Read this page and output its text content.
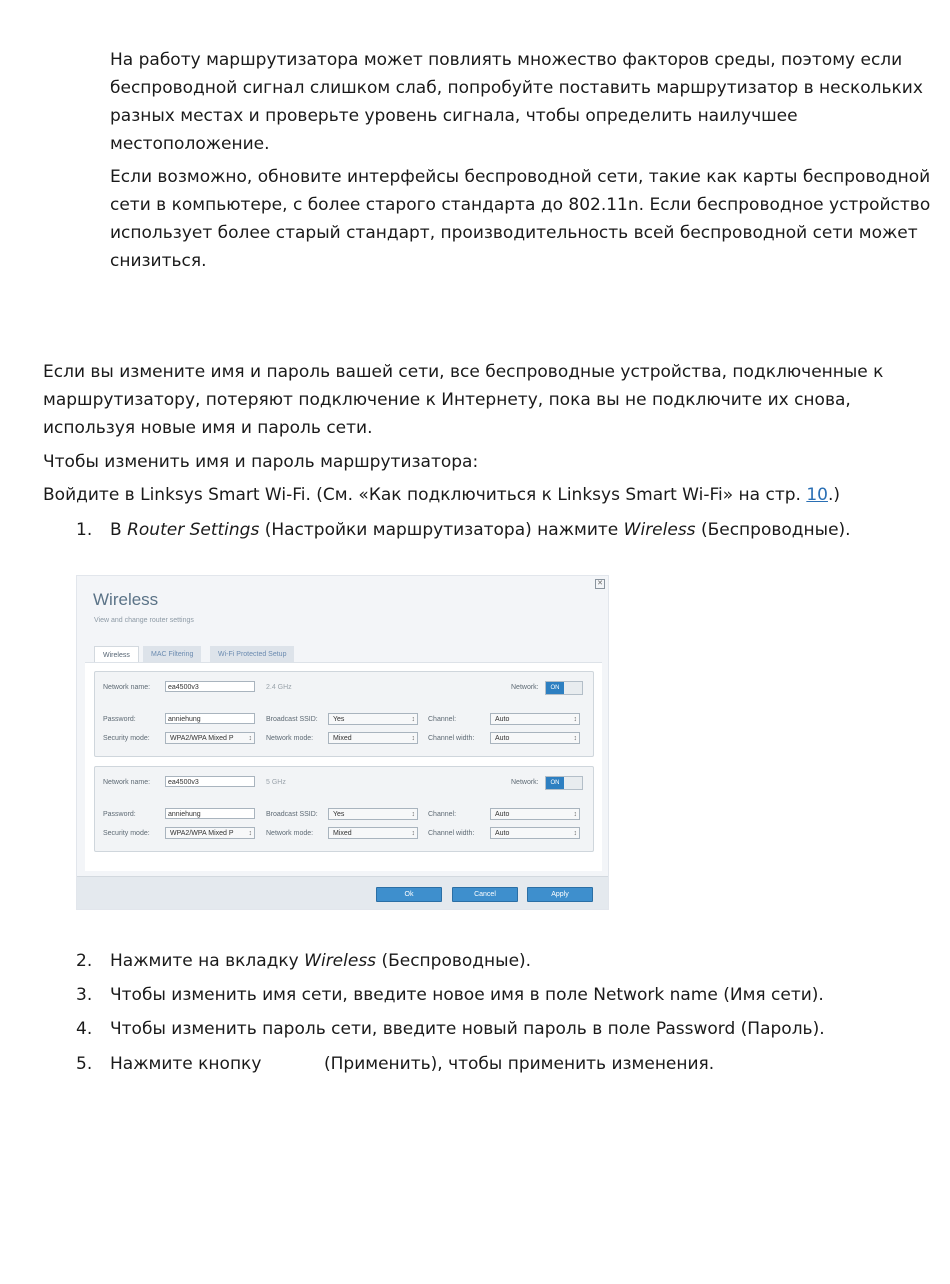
На работу маршрутизатора может повлиять множество факторов среды, поэтому если беспроводной сигнал слишком слаб, попробуйте поставить маршрутизатор в нескольких разных местах и проверьте уровень сигнала, чтобы определить наилучшее местоположение.

Если возможно, обновите интерфейсы беспроводной сети, такие как карты беспроводной сети в компьютере, с более старого стандарта до 802.11n. Если беспроводное устройство использует более старый стандарт, производительность всей беспроводной сети может снизиться.

Если вы измените имя и пароль вашей сети, все беспроводные устройства, подключенные к маршрутизатору, потеряют подключение к Интернету, пока вы не подключите их снова, используя новые имя и пароль сети.

Чтобы изменить имя и пароль маршрутизатора:

Войдите в Linksys Smart Wi-Fi. (См. «Как подключиться к Linksys Smart Wi-Fi» на стр. 10.)

1. В Router Settings (Настройки маршрутизатора) нажмите Wireless (Беспроводные).

✕
Wireless
View and change router settings
Wireless	MAC Filtering	Wi-Fi Protected Setup
Network name:	ea4500v3	2.4 GHz	Network:	ON
Password:	anniehung	Broadcast SSID:	Yes ↕	Channel:	Auto ↕
Security mode:	WPA2/WPA Mixed P ↕	Network mode:	Mixed ↕	Channel width:	Auto ↕
Network name:	ea4500v3	5 GHz	Network:	ON
Password:	anniehung	Broadcast SSID:	Yes ↕	Channel:	Auto ↕
Security mode:	WPA2/WPA Mixed P ↕	Network mode:	Mixed ↕	Channel width:	Auto ↕
Ok	Cancel	Apply
2. Нажмите на вкладку Wireless (Беспроводные).

3. Чтобы изменить имя сети, введите новое имя в поле Network name (Имя сети).

4. Чтобы изменить пароль сети, введите новый пароль в поле Password (Пароль).

5. Нажмите кнопку	(Применить), чтобы применить изменения.
